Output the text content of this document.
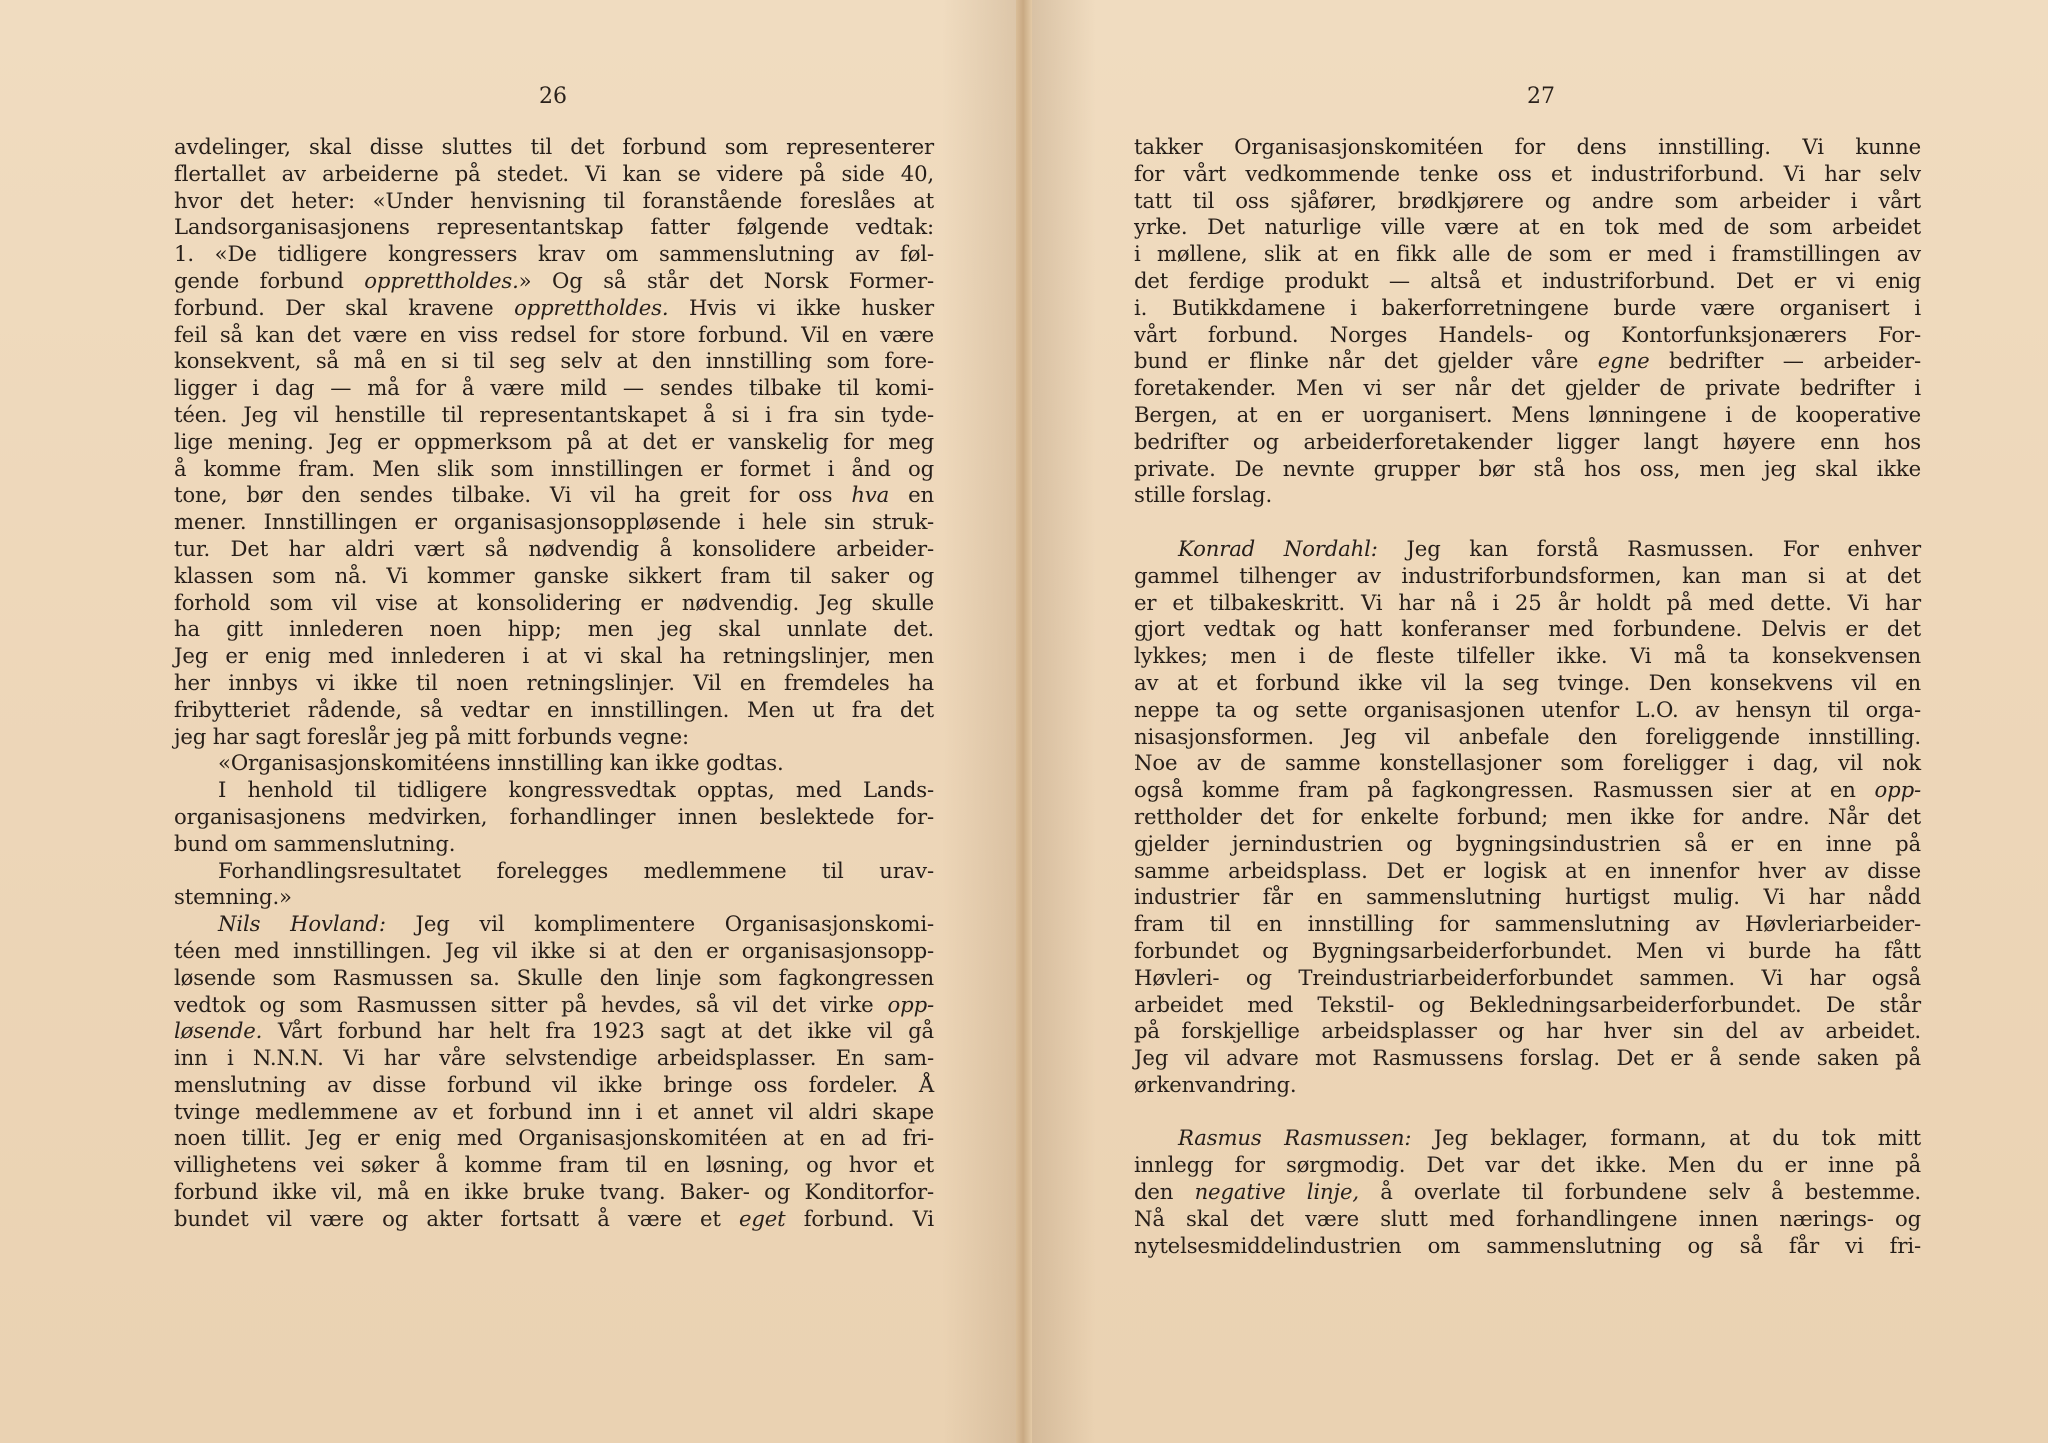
26
avdelinger, skal disse sluttes til det forbund som representerer
flertallet av arbeiderne på stedet. Vi kan se videre på side 40,
hvor det heter: «Under henvisning til foranstående foreslåes at
Landsorganisasjonens representantskap fatter følgende vedtak:
1. «De tidligere kongressers krav om sammenslutning av føl-
gende forbund opprettholdes.» Og så står det Norsk Former-
forbund. Der skal kravene opprettholdes. Hvis vi ikke husker
feil så kan det være en viss redsel for store forbund. Vil en være
konsekvent, så må en si til seg selv at den innstilling som fore-
ligger i dag — må for å være mild — sendes tilbake til komi-
téen. Jeg vil henstille til representantskapet å si i fra sin tyde-
lige mening. Jeg er oppmerksom på at det er vanskelig for meg
å komme fram. Men slik som innstillingen er formet i ånd og
tone, bør den sendes tilbake. Vi vil ha greit for oss hva en
mener. Innstillingen er organisasjonsoppløsende i hele sin struk-
tur. Det har aldri vært så nødvendig å konsolidere arbeider-
klassen som nå. Vi kommer ganske sikkert fram til saker og
forhold som vil vise at konsolidering er nødvendig. Jeg skulle
ha gitt innlederen noen hipp; men jeg skal unnlate det.
Jeg er enig med innlederen i at vi skal ha retningslinjer, men
her innbys vi ikke til noen retningslinjer. Vil en fremdeles ha
fribytteriet rådende, så vedtar en innstillingen. Men ut fra det
jeg har sagt foreslår jeg på mitt forbunds vegne:
«Organisasjonskomitéens innstilling kan ikke godtas.
I henhold til tidligere kongressvedtak opptas, med Lands-
organisasjonens medvirken, forhandlinger innen beslektede for-
bund om sammenslutning.
Forhandlingsresultatet forelegges medlemmene til urav-
stemning.»
Nils Hovland: Jeg vil komplimentere Organisasjonskomi-
téen med innstillingen. Jeg vil ikke si at den er organisasjonsopp-
løsende som Rasmussen sa. Skulle den linje som fagkongressen
vedtok og som Rasmussen sitter på hevdes, så vil det virke opp-
løsende. Vårt forbund har helt fra 1923 sagt at det ikke vil gå
inn i N.N.N. Vi har våre selvstendige arbeidsplasser. En sam-
menslutning av disse forbund vil ikke bringe oss fordeler. Å
tvinge medlemmene av et forbund inn i et annet vil aldri skape
noen tillit. Jeg er enig med Organisasjonskomitéen at en ad fri-
villighetens vei søker å komme fram til en løsning, og hvor et
forbund ikke vil, må en ikke bruke tvang. Baker- og Konditorfor-
bundet vil være og akter fortsatt å være et eget forbund. Vi
27
takker Organisasjonskomitéen for dens innstilling. Vi kunne
for vårt vedkommende tenke oss et industriforbund. Vi har selv
tatt til oss sjåfører, brødkjørere og andre som arbeider i vårt
yrke. Det naturlige ville være at en tok med de som arbeidet
i møllene, slik at en fikk alle de som er med i framstillingen av
det ferdige produkt — altså et industriforbund. Det er vi enig
i. Butikkdamene i bakerforretningene burde være organisert i
vårt forbund. Norges Handels- og Kontorfunksjonærers For-
bund er flinke når det gjelder våre egne bedrifter — arbeider-
foretakender. Men vi ser når det gjelder de private bedrifter i
Bergen, at en er uorganisert. Mens lønningene i de kooperative
bedrifter og arbeiderforetakender ligger langt høyere enn hos
private. De nevnte grupper bør stå hos oss, men jeg skal ikke
stille forslag.
Konrad Nordahl: Jeg kan forstå Rasmussen. For enhver
gammel tilhenger av industriforbundsformen, kan man si at det
er et tilbakeskritt. Vi har nå i 25 år holdt på med dette. Vi har
gjort vedtak og hatt konferanser med forbundene. Delvis er det
lykkes; men i de fleste tilfeller ikke. Vi må ta konsekvensen
av at et forbund ikke vil la seg tvinge. Den konsekvens vil en
neppe ta og sette organisasjonen utenfor L.O. av hensyn til orga-
nisasjonsformen. Jeg vil anbefale den foreliggende innstilling.
Noe av de samme konstellasjoner som foreligger i dag, vil nok
også komme fram på fagkongressen. Rasmussen sier at en opp-
rettholder det for enkelte forbund; men ikke for andre. Når det
gjelder jernindustrien og bygningsindustrien så er en inne på
samme arbeidsplass. Det er logisk at en innenfor hver av disse
industrier får en sammenslutning hurtigst mulig. Vi har nådd
fram til en innstilling for sammenslutning av Høvleriarbeider-
forbundet og Bygningsarbeiderforbundet. Men vi burde ha fått
Høvleri- og Treindustriarbeiderforbundet sammen. Vi har også
arbeidet med Tekstil- og Bekledningsarbeiderforbundet. De står
på forskjellige arbeidsplasser og har hver sin del av arbeidet.
Jeg vil advare mot Rasmussens forslag. Det er å sende saken på
ørkenvandring.
Rasmus Rasmussen: Jeg beklager, formann, at du tok mitt
innlegg for sørgmodig. Det var det ikke. Men du er inne på
den negative linje, å overlate til forbundene selv å bestemme.
Nå skal det være slutt med forhandlingene innen nærings- og
nytelsesmiddelindustrien om sammenslutning og så får vi fri-
